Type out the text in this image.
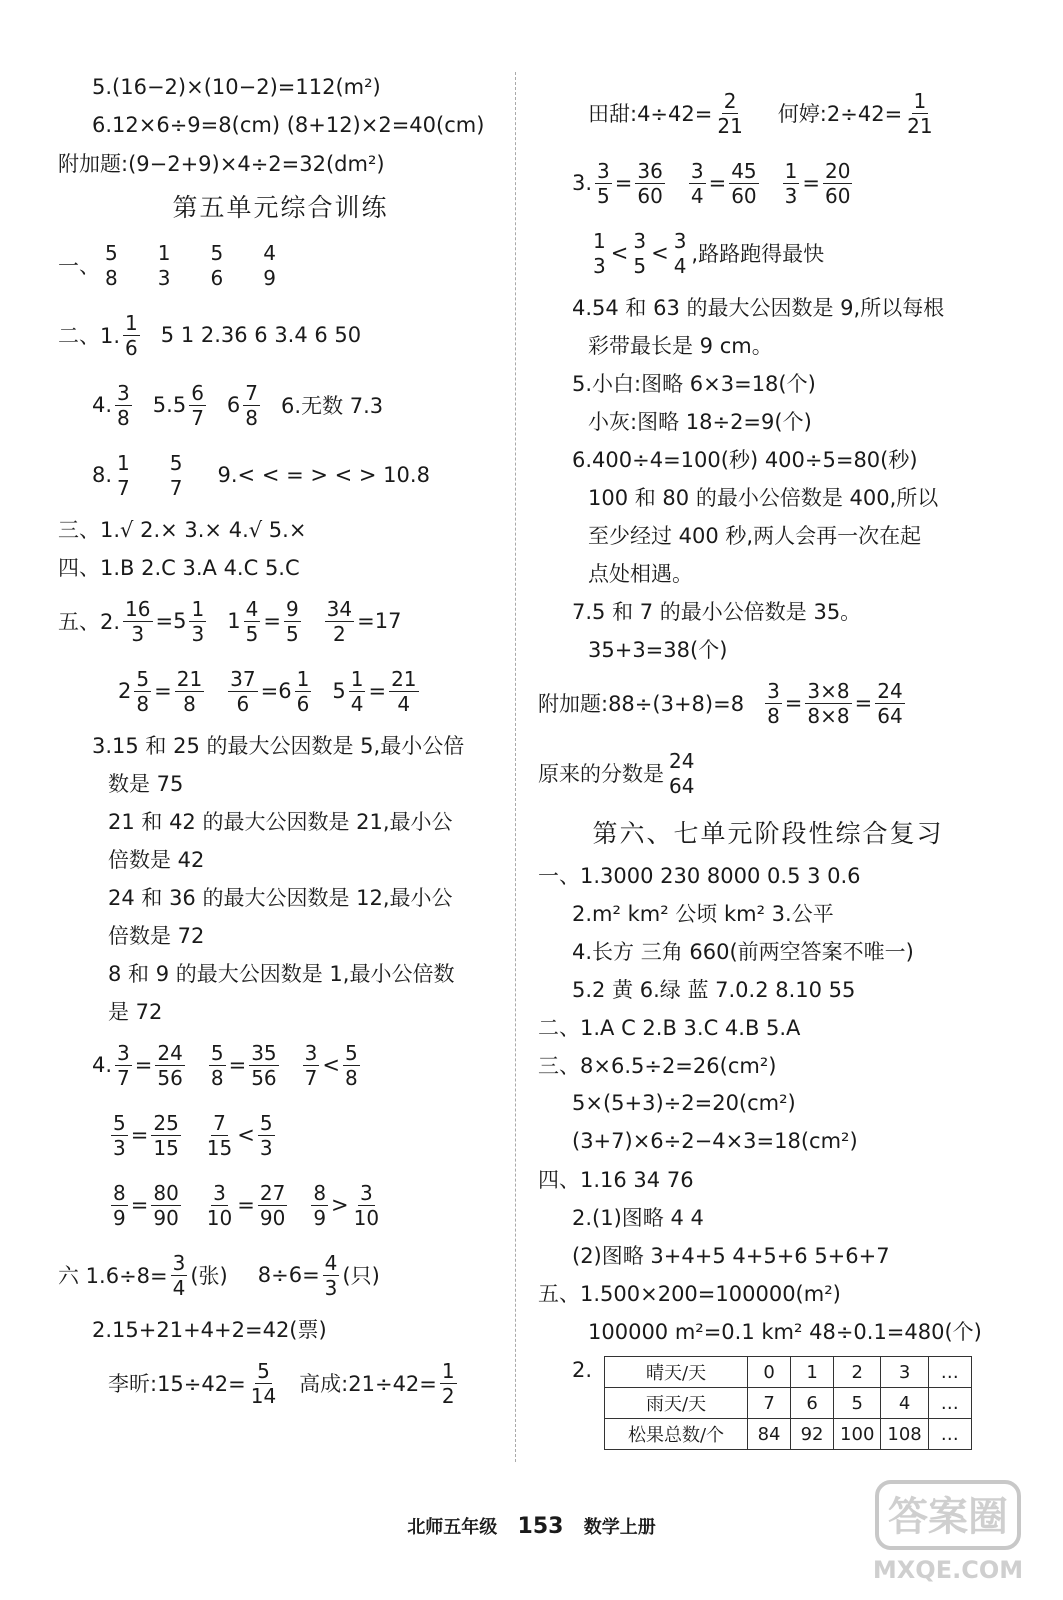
5.(16−2)×(10−2)=112(m²)
6.12×6÷9=8(cm) (8+12)×2=40(cm)
附加题:(9−2+9)×4÷2=32(dm²)
第五单元综合训练
一、
5
8
1
3
5
6
4
9
二、1. $\frac{1}{6} 5$ 1 2.36 6 3.4 6 50
4. $\frac{3}{8} 5.5 \frac{6}{7} 6 \frac{7}{8} 6$.无数 7.3
8.
1
7
5
7
9.< < = > < > 10.8
三、1.√ 2.× 3.× 4.√ 5.×
四、1.B 2.C 3.A 4.C 5.C
五、2. $\frac{16}{3} = 5 \frac{1}{3} 1 \frac{4}{5} = \frac{9}{5} \frac{34}{2} =17$
$2 \frac{5}{8} = \frac{21}{8} \frac{37}{6} = 6 \frac{1}{6} 5 \frac{1}{4} = \frac{21}{4}$
3.15 和 25 的最大公因数是 5,最小公倍
数是 75
21 和 42 的最大公因数是 21,最小公
倍数是 42
24 和 36 的最大公因数是 12,最小公
倍数是 72
8 和 9 的最大公因数是 1,最小公倍数
是 72
4. $\frac{3}{7} = \frac{24}{56} \frac{5}{8} = \frac{35}{56} \frac{3}{7} < \frac{5}{8}$
$\frac{5}{3} = \frac{25}{15} \frac{7}{15} < \frac{5}{3}$
$\frac{8}{9} = \frac{80}{90} \frac{3}{10} = \frac{27}{90} \frac{8}{9} > \frac{3}{10}$
六 $1.6\div 8= \frac{3}{4}$ (张) $8\div 6= \frac{4}{3}$ (只)
2.15+21+4+2=42(票)
李昕:15÷42= $\frac{5}{14}$ 高成:21÷42= $\frac{1}{2}$
田甜:4÷42= $\frac{2}{21}$ 何婷:2÷42= $\frac{1}{21}$
3. $\frac{3}{5} = \frac{36}{60} \frac{3}{4} = \frac{45}{60} \frac{1}{3} = \frac{20}{60}$
1
3
<
3
5
<
3
4 ,路路跑得最快
4.54 和 63 的最大公因数是 9,所以每根
彩带最长是 9 cm。
5.小白:图略 6×3=18(个)
小灰:图略 18÷2=9(个)
6.400÷4=100(秒) 400÷5=80(秒)
100 和 80 的最小公倍数是 400,所以
至少经过 400 秒,两人会再一次在起
点处相遇。
7.5 和 7 的最小公倍数是 35。
35+3=38(个)
附加题:88÷(3+8)=8 $\frac{3}{8} = \frac{3\times 8}{8\times 8} = \frac{24}{64}$
原来的分数是
24
64
第六、七单元阶段性综合复习
一、1.3000 230 8000 0.5 3 0.6
2.m² km² 公顷 km² 3.公平
4.长方 三角 660(前两空答案不唯一)
5.2 黄 6.绿 蓝 7.0.2 8.10 55
二、1.A C 2.B 3.C 4.B 5.A
三、8×6.5÷2=26(cm²)
5×(5+3)÷2=20(cm²)
(3+7)×6÷2−4×3=18(cm²)
四、1.16 34 76
2.(1)图略 4 4
(2)图略 3+4+5 4+5+6 5+6+7
五、1.500×200=100000(m²)
100000 m²=0.1 km² 48÷0.1=480(个)
2.	晴天/天	0	1	2	3	…
雨天/天	7	6	5	4	…
松果总数/个	84	92	100	108	…
北师五年级 153 数学上册	答案圈
MXQE.COM
